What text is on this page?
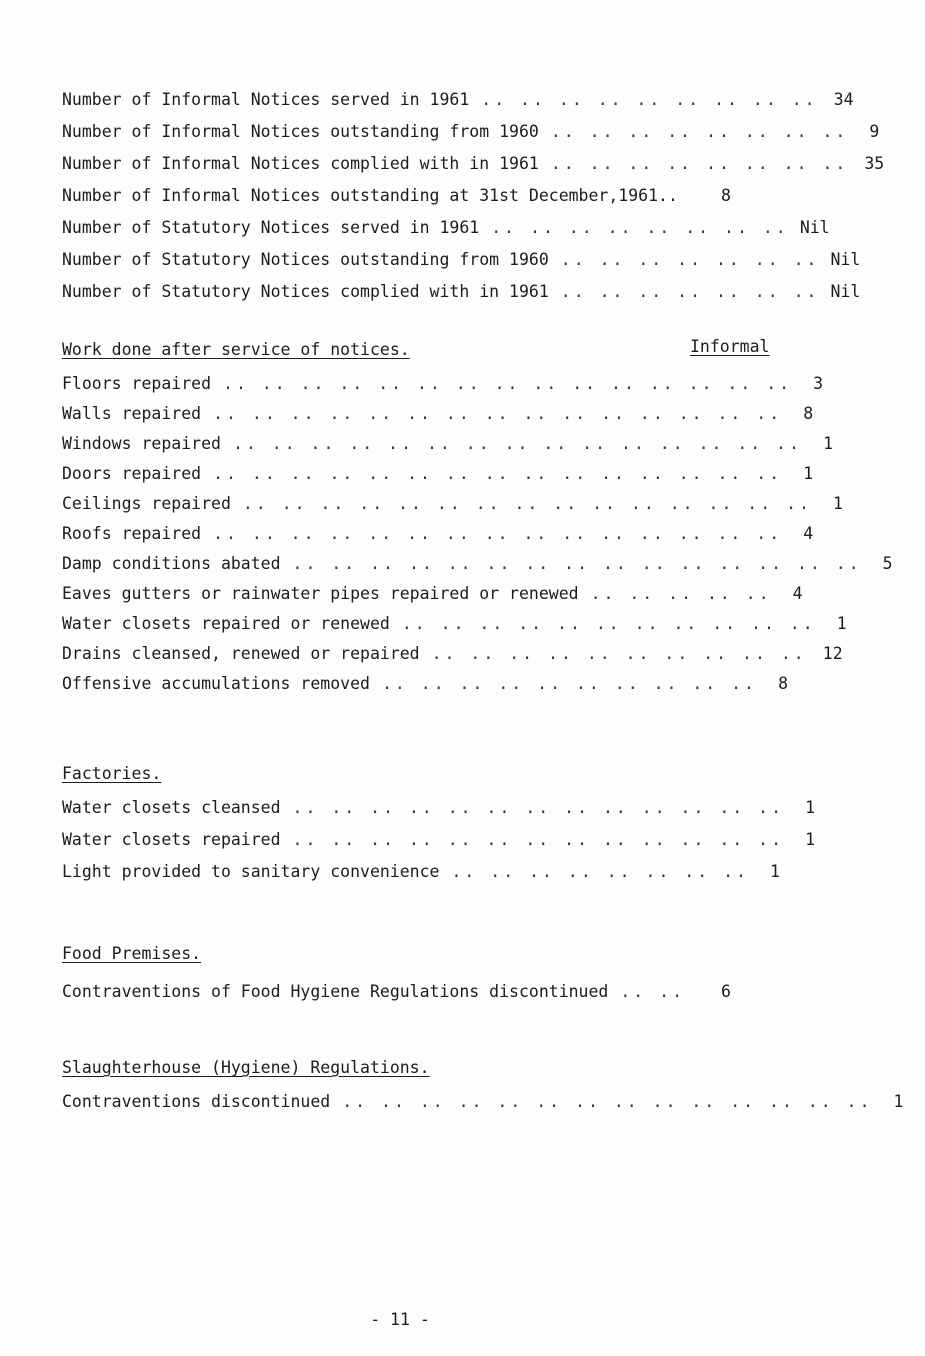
Number of Informal Notices served in 1961 .. .. .. .. .. .. .. .. .. 34
Number of Informal Notices outstanding from 1960 .. .. .. .. .. .. .. ..	9
Number of Informal Notices complied with in 1961 .. .. .. .. .. .. .. .. 35
Number of Informal Notices outstanding at 31st December,1961..	8
Number of Statutory Notices served in 1961 .. .. .. .. .. .. .. .. Nil
Number of Statutory Notices outstanding from 1960 .. .. .. .. .. .. .. Nil
Number of Statutory Notices complied with in 1961 .. .. .. .. .. .. .. Nil
Work done after service of notices.	Informal
Floors repaired .. .. .. .. .. .. .. .. .. .. .. .. .. .. ..	3
Walls repaired .. .. .. .. .. .. .. .. .. .. .. .. .. .. ..	8
Windows repaired .. .. .. .. .. .. .. .. .. .. .. .. .. .. ..	1
Doors repaired .. .. .. .. .. .. .. .. .. .. .. .. .. .. ..	1
Ceilings repaired .. .. .. .. .. .. .. .. .. .. .. .. .. .. ..	1
Roofs repaired .. .. .. .. .. .. .. .. .. .. .. .. .. .. ..	4
Damp conditions abated .. .. .. .. .. .. .. .. .. .. .. .. .. .. ..	5
Eaves gutters or rainwater pipes repaired or renewed .. .. .. .. ..	4
Water closets repaired or renewed .. .. .. .. .. .. .. .. .. .. ..	1
Drains cleansed, renewed or repaired .. .. .. .. .. .. .. .. .. .. 12
Offensive accumulations removed .. .. .. .. .. .. .. .. .. ..	8
Factories.
Water closets cleansed .. .. .. .. .. .. .. .. .. .. .. .. ..	1
Water closets repaired .. .. .. .. .. .. .. .. .. .. .. .. ..	1
Light provided to sanitary convenience .. .. .. .. .. .. .. ..	1
Food Premises.
Contraventions of Food Hygiene Regulations discontinued .. ..	6
Slaughterhouse (Hygiene) Regulations.
Contraventions discontinued .. .. .. .. .. .. .. .. .. .. .. .. .. ..	1
- 11 -
